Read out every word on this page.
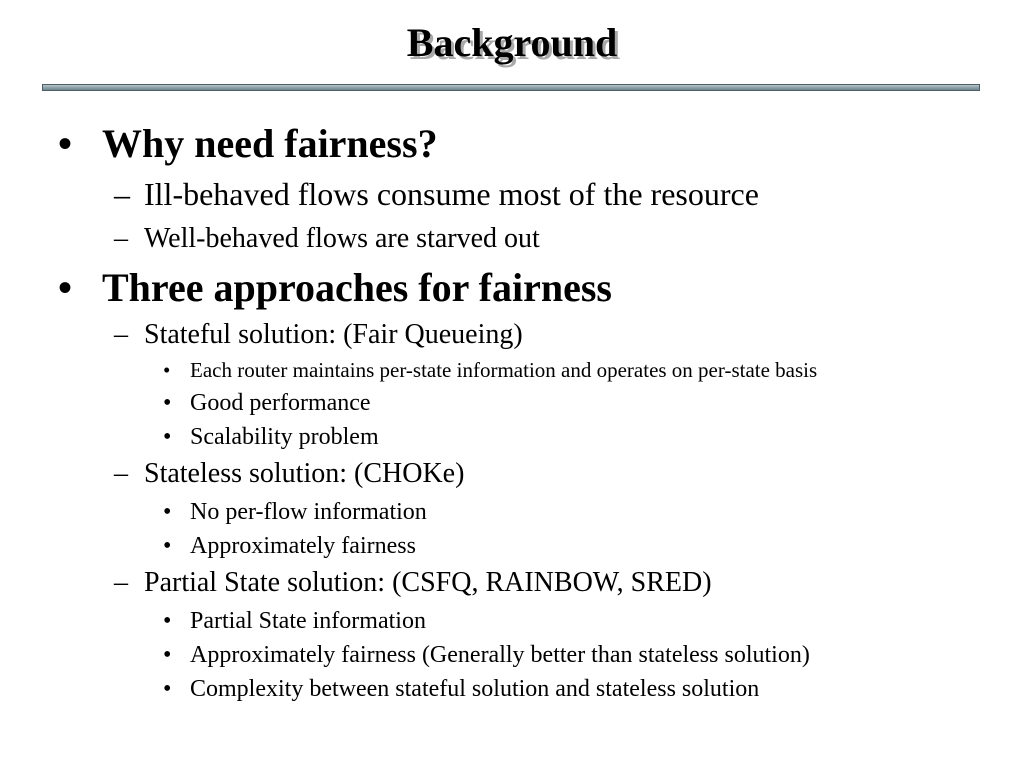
Background
• Why need fairness?
– Ill-behaved flows consume most of the resource
– Well-behaved flows are starved out
• Three approaches for fairness
– Stateful solution: (Fair Queueing)
• Each router maintains per-state information and operates on per-state basis
• Good performance
• Scalability problem
– Stateless solution: (CHOKe)
• No per-flow information
• Approximately fairness
– Partial State solution: (CSFQ, RAINBOW, SRED)
• Partial State information
• Approximately fairness (Generally better than stateless solution)
• Complexity between stateful solution and stateless solution
